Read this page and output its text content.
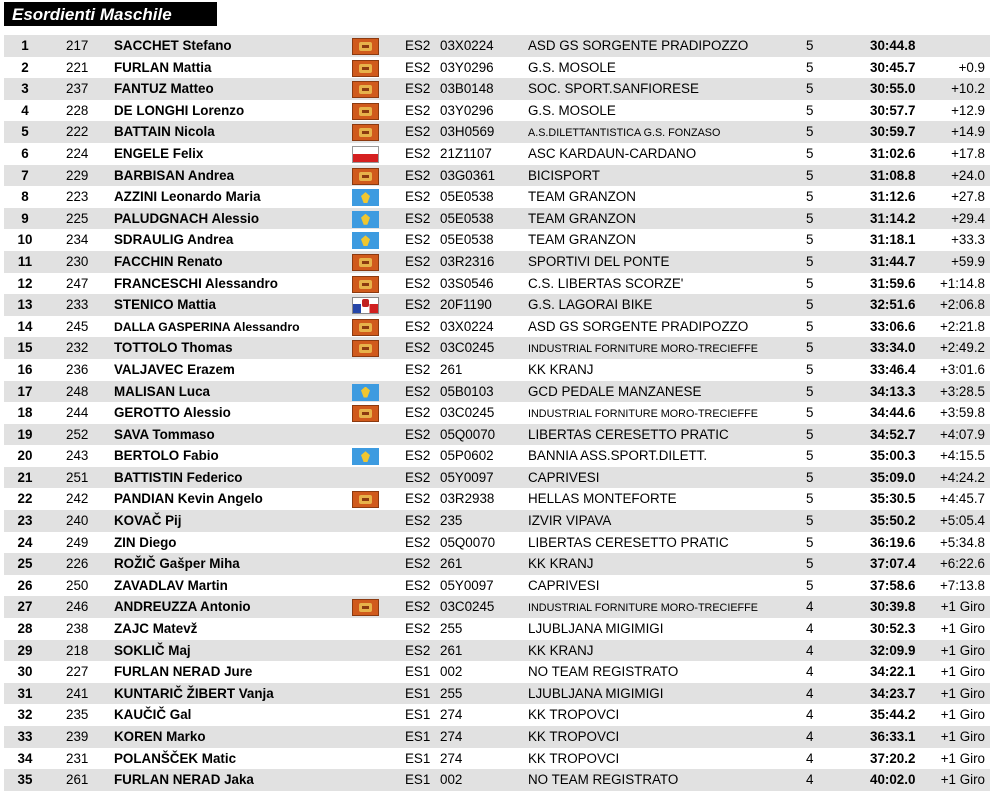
Esordienti Maschile
1	217 SACCHET Stefano	ES2 03X0224	ASD GS SORGENTE PRADIPOZZO	5	30:44.8
2	221 FURLAN Mattia	ES2 03Y0296	G.S. MOSOLE	5	30:45.7	+0.9
3	237 FANTUZ Matteo	ES2 03B0148	SOC. SPORT.SANFIORESE	5	30:55.0	+10.2
4	228 DE LONGHI Lorenzo	ES2 03Y0296	G.S. MOSOLE	5	30:57.7	+12.9
5	222 BATTAIN Nicola	ES2 03H0569	A.S.DILETTANTISTICA G.S. FONZASO	5	30:59.7	+14.9
6	224 ENGELE Felix	ES2 21Z1107	ASC KARDAUN-CARDANO	5	31:02.6	+17.8
7	229 BARBISAN Andrea	ES2 03G0361 BICISPORT	5	31:08.8	+24.0
8	223 AZZINI Leonardo Maria	ES2 05E0538	TEAM GRANZON	5	31:12.6	+27.8
9	225 PALUDGNACH Alessio	ES2 05E0538	TEAM GRANZON	5	31:14.2	+29.4
10	234 SDRAULIG Andrea	ES2 05E0538	TEAM GRANZON	5	31:18.1	+33.3
11	230 FACCHIN Renato	ES2 03R2316	SPORTIVI DEL PONTE	5	31:44.7	+59.9
12	247 FRANCESCHI Alessandro	ES2 03S0546	C.S. LIBERTAS SCORZE'	5	31:59.6 +1:14.8
13	233 STENICO Mattia	ES2 20F1190	G.S. LAGORAI BIKE	5	32:51.6 +2:06.8
14	245 DALLA GASPERINA Alessandro	ES2 03X0224	ASD GS SORGENTE PRADIPOZZO	5	33:06.6 +2:21.8
15	232 TOTTOLO Thomas	ES2 03C0245	INDUSTRIAL FORNITURE MORO-TRECIEFFE	5	33:34.0 +2:49.2
16	236 VALJAVEC Erazem	ES2 261	KK KRANJ	5	33:46.4 +3:01.6
17	248 MALISAN Luca	ES2 05B0103	GCD PEDALE MANZANESE	5	34:13.3 +3:28.5
18	244 GEROTTO Alessio	ES2 03C0245	INDUSTRIAL FORNITURE MORO-TRECIEFFE	5	34:44.6 +3:59.8
19	252 SAVA Tommaso	ES2 05Q0070 LIBERTAS CERESETTO PRATIC	5	34:52.7 +4:07.9
20	243 BERTOLO Fabio	ES2 05P0602	BANNIA ASS.SPORT.DILETT.	5	35:00.3 +4:15.5
21	251 BATTISTIN Federico	ES2 05Y0097	CAPRIVESI	5	35:09.0 +4:24.2
22	242 PANDIAN Kevin Angelo	ES2 03R2938	HELLAS MONTEFORTE	5	35:30.5 +4:45.7
23	240 KOVAČ Pij	ES2 235	IZVIR VIPAVA	5	35:50.2 +5:05.4
24	249 ZIN Diego	ES2 05Q0070 LIBERTAS CERESETTO PRATIC	5	36:19.6 +5:34.8
25	226 ROŽIČ Gašper Miha	ES2 261	KK KRANJ	5	37:07.4 +6:22.6
26	250 ZAVADLAV Martin	ES2 05Y0097	CAPRIVESI	5	37:58.6 +7:13.8
27	246 ANDREUZZA Antonio	ES2 03C0245	INDUSTRIAL FORNITURE MORO-TRECIEFFE	4	30:39.8 +1 Giro
28	238 ZAJC Matevž	ES2 255	LJUBLJANA MIGIMIGI	4	30:52.3 +1 Giro
29	218 SOKLIČ Maj	ES2 261	KK KRANJ	4	32:09.9 +1 Giro
30	227 FURLAN NERAD Jure	ES1 002	NO TEAM REGISTRATO	4	34:22.1 +1 Giro
31	241 KUNTARIČ ŽIBERT Vanja	ES1 255	LJUBLJANA MIGIMIGI	4	34:23.7 +1 Giro
32	235 KAUČIČ Gal	ES1 274	KK TROPOVCI	4	35:44.2 +1 Giro
33	239 KOREN Marko	ES1 274	KK TROPOVCI	4	36:33.1 +1 Giro
34	231 POLANŠČEK Matic	ES1 274	KK TROPOVCI	4	37:20.2 +1 Giro
35	261 FURLAN NERAD Jaka	ES1 002	NO TEAM REGISTRATO	4	40:02.0 +1 Giro
